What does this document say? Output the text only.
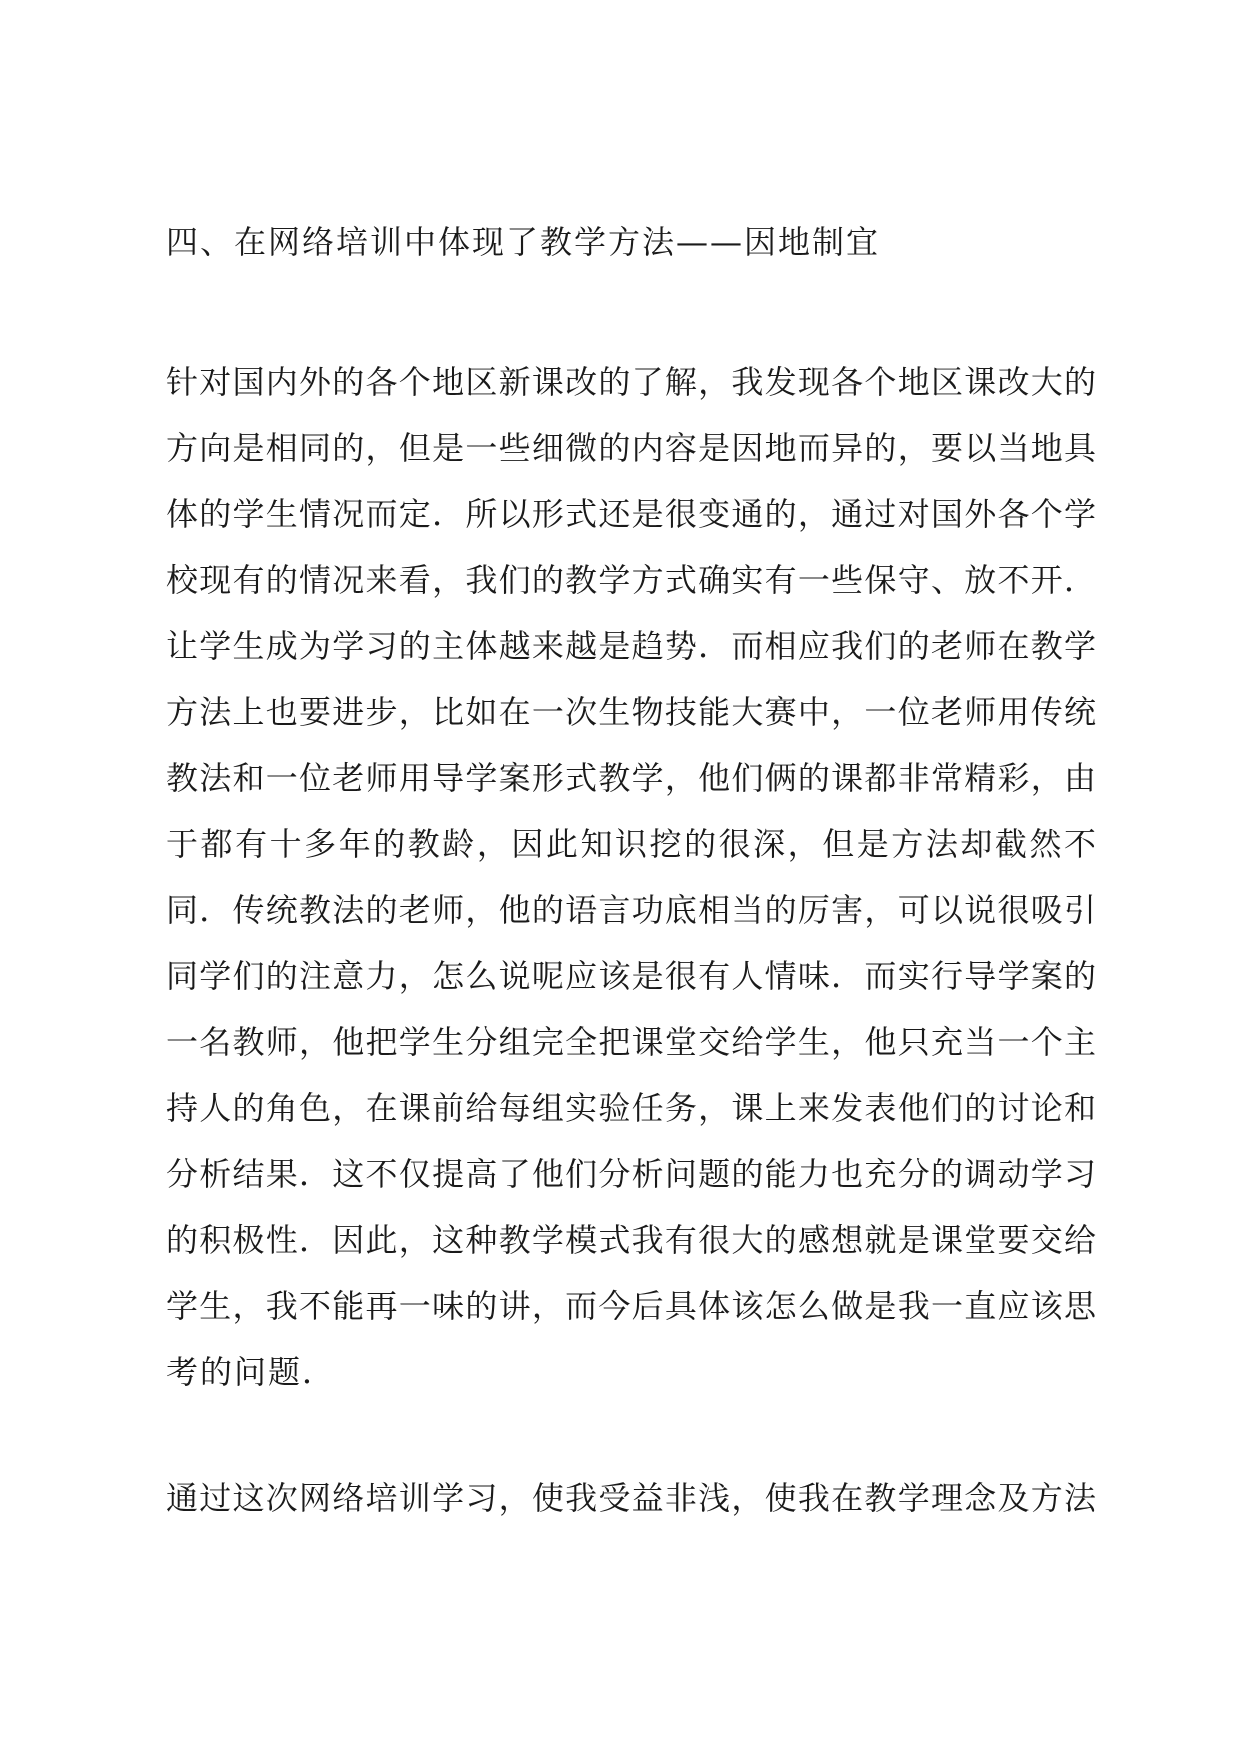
四、在网络培训中体现了教学方法——因地制宜
针对国内外的各个地区新课改的了解，我发现各个地区课改大的
方向是相同的，但是一些细微的内容是因地而异的，要以当地具
体的学生情况而定．所以形式还是很变通的，通过对国外各个学
校现有的情况来看，我们的教学方式确实有一些保守、放不开．
让学生成为学习的主体越来越是趋势．而相应我们的老师在教学
方法上也要进步，比如在一次生物技能大赛中，一位老师用传统
教法和一位老师用导学案形式教学，他们俩的课都非常精彩，由
于都有十多年的教龄，因此知识挖的很深，但是方法却截然不
同．传统教法的老师，他的语言功底相当的厉害，可以说很吸引
同学们的注意力，怎么说呢应该是很有人情味．而实行导学案的
一名教师，他把学生分组完全把课堂交给学生，他只充当一个主
持人的角色，在课前给每组实验任务，课上来发表他们的讨论和
分析结果．这不仅提高了他们分析问题的能力也充分的调动学习
的积极性．因此，这种教学模式我有很大的感想就是课堂要交给
学生，我不能再一味的讲，而今后具体该怎么做是我一直应该思
考的问题．
通过这次网络培训学习，使我受益非浅，使我在教学理念及方法
